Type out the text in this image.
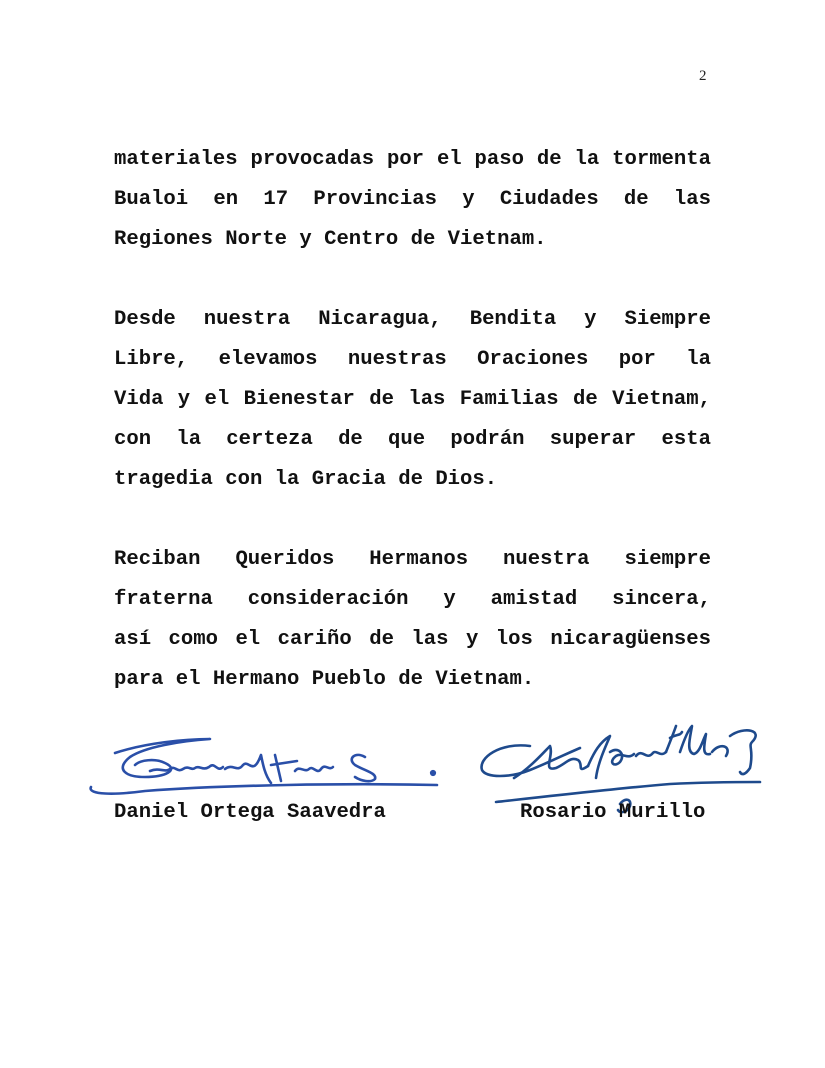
2
materiales provocadas por el paso de la tormenta
Bualoi en 17 Provincias y Ciudades de las
Regiones Norte y Centro de Vietnam.
Desde nuestra Nicaragua, Bendita y Siempre
Libre, elevamos nuestras Oraciones por la
Vida y el Bienestar de las Familias de Vietnam,
con la certeza de que podrán superar esta
tragedia con la Gracia de Dios.
Reciban Queridos Hermanos nuestra siempre
fraterna consideración y amistad sincera,
así como el cariño de las y los nicaragüenses
para el Hermano Pueblo de Vietnam.
Daniel Ortega Saavedra	Rosario Murillo
